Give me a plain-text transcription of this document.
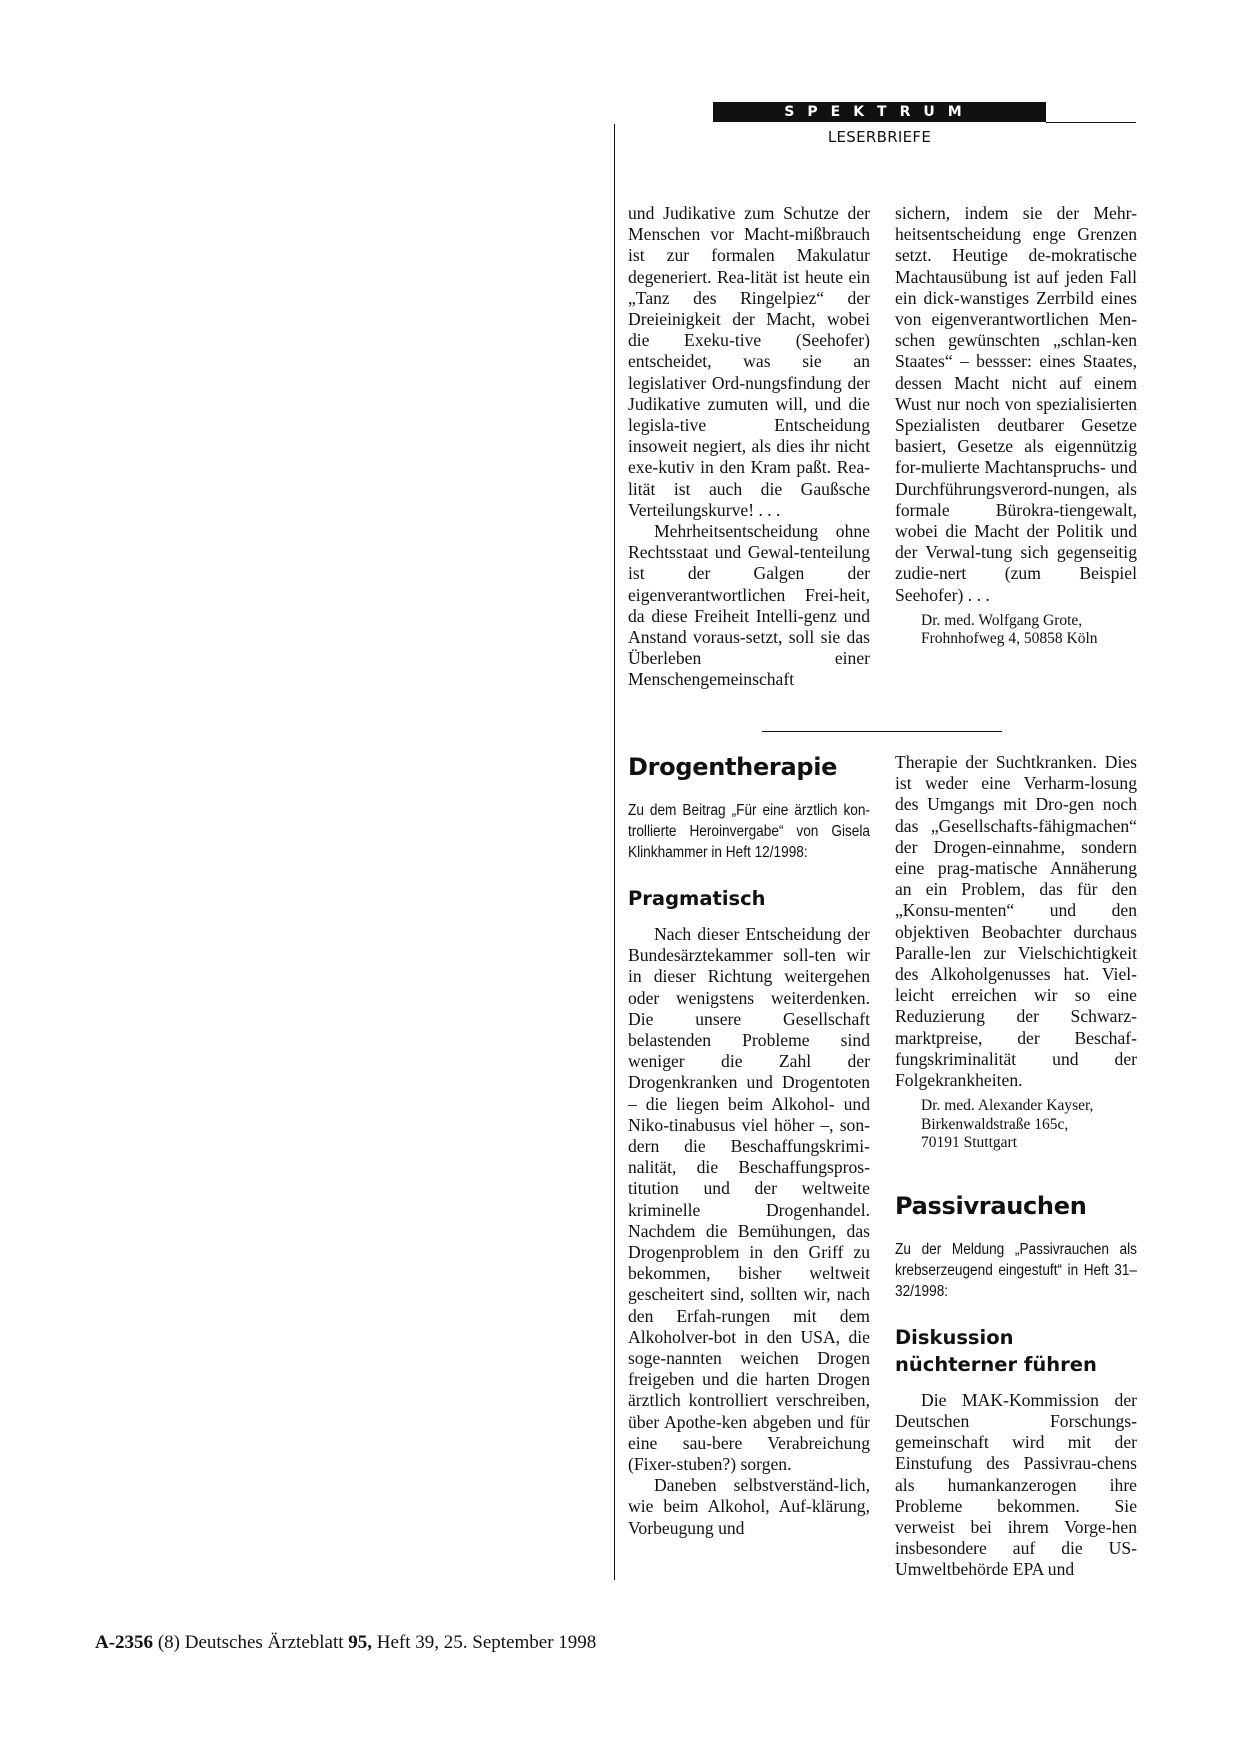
SPEKTRUM
LESERBRIEFE

und Judikative zum Schutze der Menschen vor Macht-mißbrauch ist zur formalen Makulatur degeneriert. Rea-lität ist heute ein „Tanz des Ringelpiez“ der Dreieinigkeit der Macht, wobei die Exeku-tive (Seehofer) entscheidet, was sie an legislativer Ord-nungsfindung der Judikative zumuten will, und die legisla-tive Entscheidung insoweit negiert, als dies ihr nicht exe-kutiv in den Kram paßt. Rea-lität ist auch die Gaußsche Verteilungskurve! . . .

Mehrheitsentscheidung ohne Rechtsstaat und Gewal-tenteilung ist der Galgen der eigenverantwortlichen Frei-heit, da diese Freiheit Intelli-genz und Anstand voraus-setzt, soll sie das Überleben einer Menschengemeinschaft

sichern, indem sie der Mehr-heitsentscheidung enge Grenzen setzt. Heutige de-mokratische Machtausübung ist auf jeden Fall ein dick-wanstiges Zerrbild eines von eigenverantwortlichen Men-schen gewünschten „schlan-ken Staates“ – bessser: eines Staates, dessen Macht nicht auf einem Wust nur noch von spezialisierten Spezialisten deutbarer Gesetze basiert, Gesetze als eigennützig for-mulierte Machtanspruchs- und Durchführungsverord-nungen, als formale Bürokra-tiengewalt, wobei die Macht der Politik und der Verwal-tung sich gegenseitig zudie-nert (zum Beispiel Seehofer) . . .

Dr. med. Wolfgang Grote,
Frohnhofweg 4, 50858 Köln
Drogentherapie
Zu dem Beitrag „Für eine ärztlich kon-trollierte Heroinvergabe“ von Gisela Klinkhammer in Heft 12/1998:
Pragmatisch

Nach dieser Entscheidung der Bundesärztekammer soll-ten wir in dieser Richtung weitergehen oder wenigstens weiterdenken. Die unsere Gesellschaft belastenden Probleme sind weniger die Zahl der Drogenkranken und Drogentoten – die liegen beim Alkohol- und Niko-tinabusus viel höher –, son-dern die Beschaffungskrimi-nalität, die Beschaffungspros-titution und der weltweite kriminelle Drogenhandel. Nachdem die Bemühungen, das Drogenproblem in den Griff zu bekommen, bisher weltweit gescheitert sind, sollten wir, nach den Erfah-rungen mit dem Alkoholver-bot in den USA, die soge-nannten weichen Drogen freigeben und die harten Drogen ärztlich kontrolliert verschreiben, über Apothe-ken abgeben und für eine sau-bere Verabreichung (Fixer-stuben?) sorgen.

Daneben selbstverständ-lich, wie beim Alkohol, Auf-klärung, Vorbeugung und

Therapie der Suchtkranken. Dies ist weder eine Verharm-losung des Umgangs mit Dro-gen noch das „Gesellschafts-fähigmachen“ der Drogen-einnahme, sondern eine prag-matische Annäherung an ein Problem, das für den „Konsu-menten“ und den objektiven Beobachter durchaus Paralle-len zur Vielschichtigkeit des Alkoholgenusses hat. Viel-leicht erreichen wir so eine Reduzierung der Schwarz-marktpreise, der Beschaf-fungskriminalität und der Folgekrankheiten.

Dr. med. Alexander Kayser,
Birkenwaldstraße 165c,
70191 Stuttgart
Passivrauchen
Zu der Meldung „Passivrauchen als krebserzeugend eingestuft“ in Heft 31–32/1998:
Diskussion nüchterner führen

Die MAK-Kommission der Deutschen Forschungs-gemeinschaft wird mit der Einstufung des Passivrau-chens als humankanzerogen ihre Probleme bekommen. Sie verweist bei ihrem Vorge-hen insbesondere auf die US-Umweltbehörde EPA und

A-2356 (8) Deutsches Ärzteblatt 95, Heft 39, 25. September 1998
